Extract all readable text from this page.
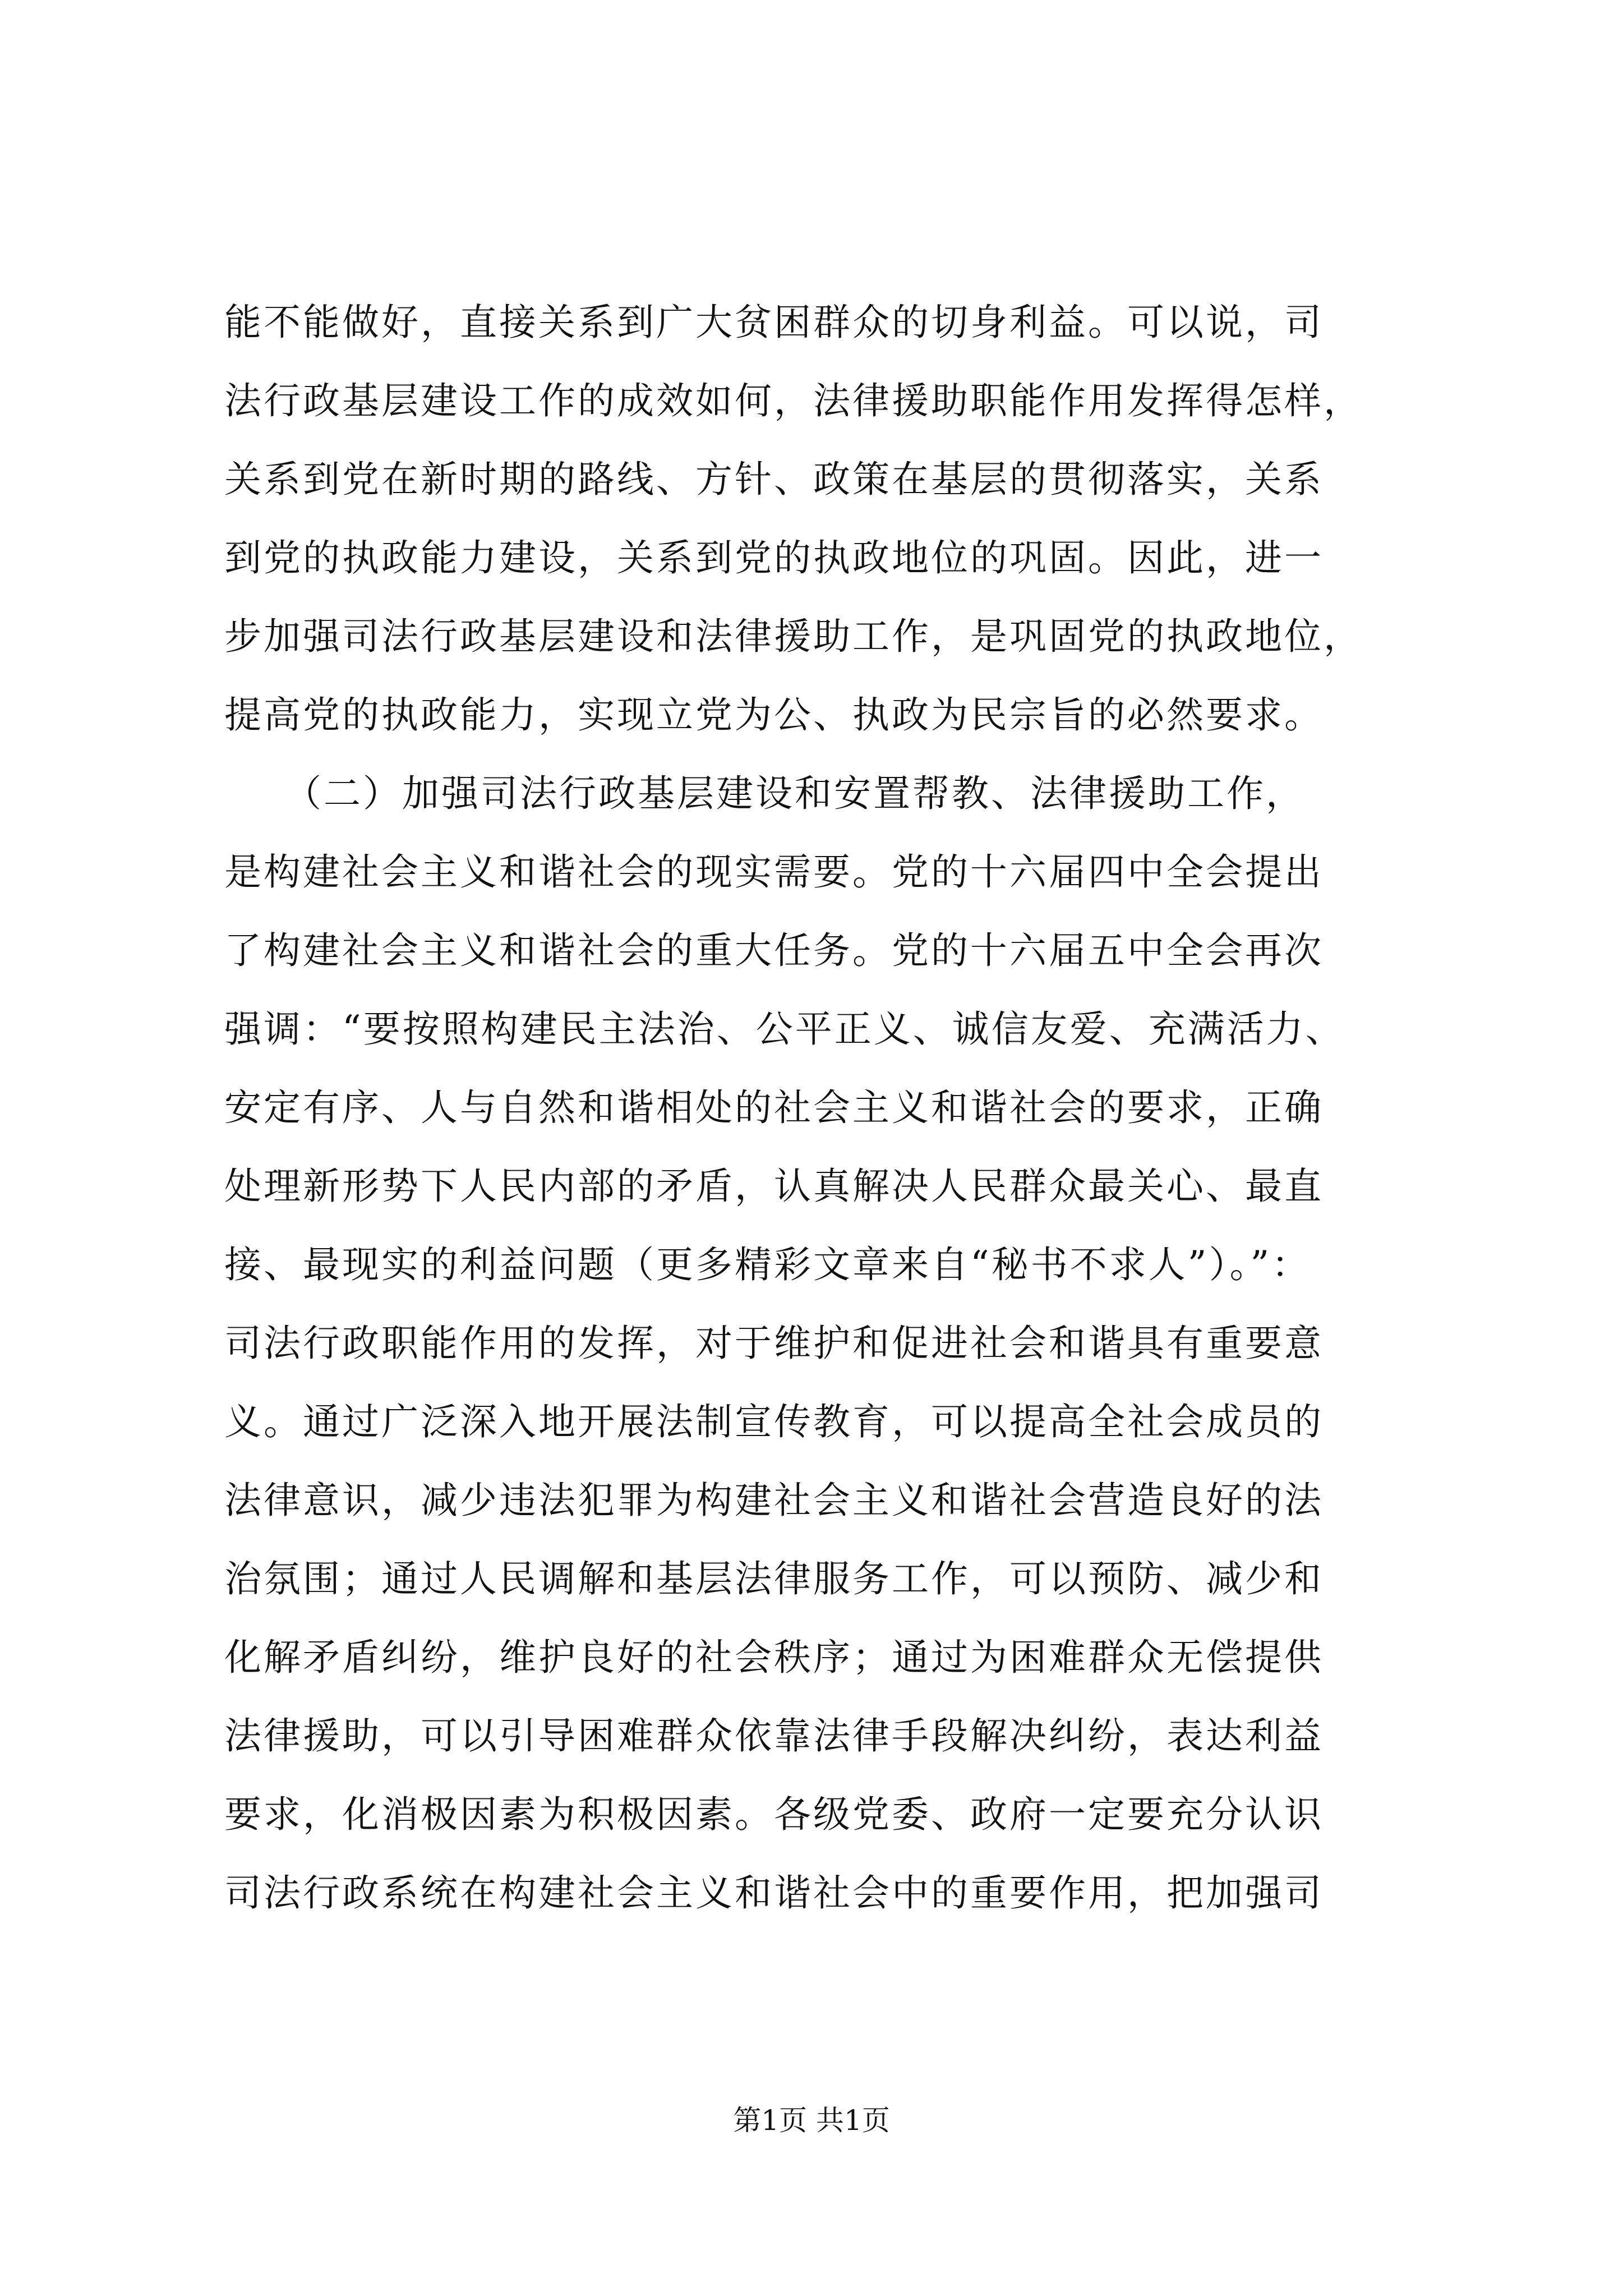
能不能做好，直接关系到广大贫困群众的切身利益。可以说，司

法行政基层建设工作的成效如何，法律援助职能作用发挥得怎样，

关系到党在新时期的路线、方针、政策在基层的贯彻落实，关系

到党的执政能力建设，关系到党的执政地位的巩固。因此，进一

步加强司法行政基层建设和法律援助工作，是巩固党的执政地位，

提高党的执政能力，实现立党为公、执政为民宗旨的必然要求。

　　（二）加强司法行政基层建设和安置帮教、法律援助工作，

是构建社会主义和谐社会的现实需要。党的十六届四中全会提出

了构建社会主义和谐社会的重大任务。党的十六届五中全会再次

强调：“要按照构建民主法治、公平正义、诚信友爱、充满活力、

安定有序、人与自然和谐相处的社会主义和谐社会的要求，正确

处理新形势下人民内部的矛盾，认真解决人民群众最关心、最直

接、最现实的利益问题（更多精彩文章来自“秘书不求人”）。”：

司法行政职能作用的发挥，对于维护和促进社会和谐具有重要意

义。通过广泛深入地开展法制宣传教育，可以提高全社会成员的

法律意识，减少违法犯罪为构建社会主义和谐社会营造良好的法

治氛围；通过人民调解和基层法律服务工作，可以预防、减少和

化解矛盾纠纷，维护良好的社会秩序；通过为困难群众无偿提供

法律援助，可以引导困难群众依靠法律手段解决纠纷，表达利益

要求，化消极因素为积极因素。各级党委、政府一定要充分认识

司法行政系统在构建社会主义和谐社会中的重要作用，把加强司

第1页 共1页
